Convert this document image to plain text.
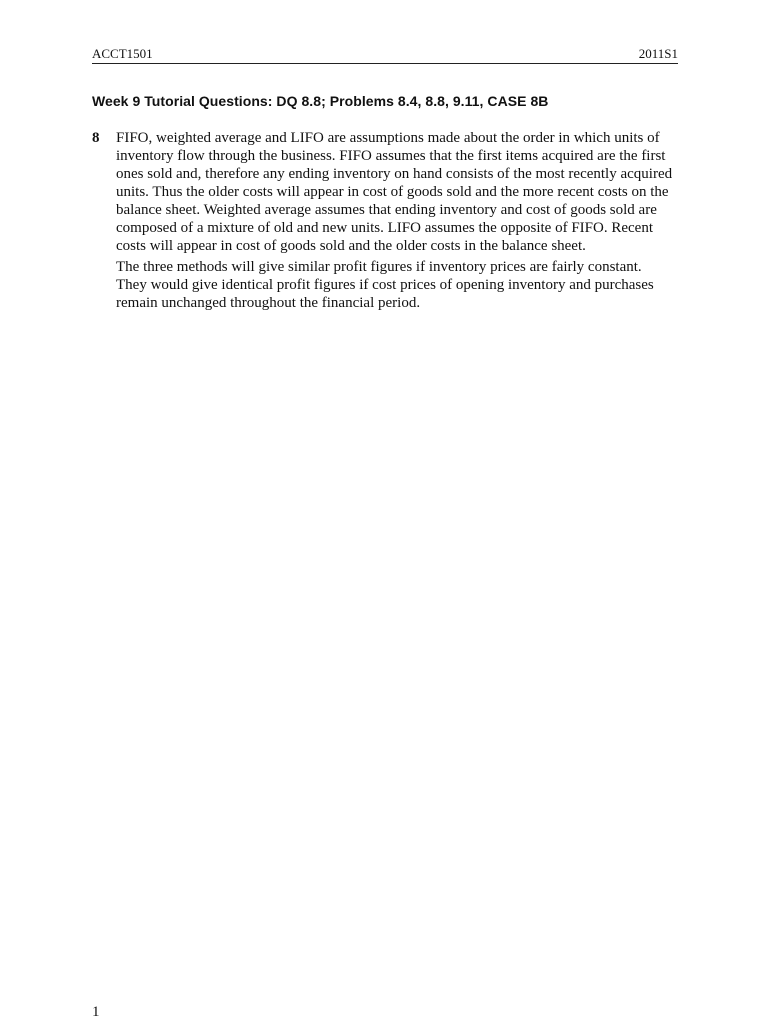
ACCT1501	2011S1
Week 9 Tutorial Questions: DQ 8.8; Problems 8.4, 8.8, 9.11, CASE 8B
8 FIFO, weighted average and LIFO are assumptions made about the order in which units of
inventory flow through the business. FIFO assumes that the first items acquired are the first
ones sold and, therefore any ending inventory on hand consists of the most recently acquired
units. Thus the older costs will appear in cost of goods sold and the more recent costs on the
balance sheet. Weighted average assumes that ending inventory and cost of goods sold are
composed of a mixture of old and new units. LIFO assumes the opposite of FIFO. Recent
costs will appear in cost of goods sold and the older costs in the balance sheet.
The three methods will give similar profit figures if inventory prices are fairly constant.
They would give identical profit figures if cost prices of opening inventory and purchases
remain unchanged throughout the financial period.
1
